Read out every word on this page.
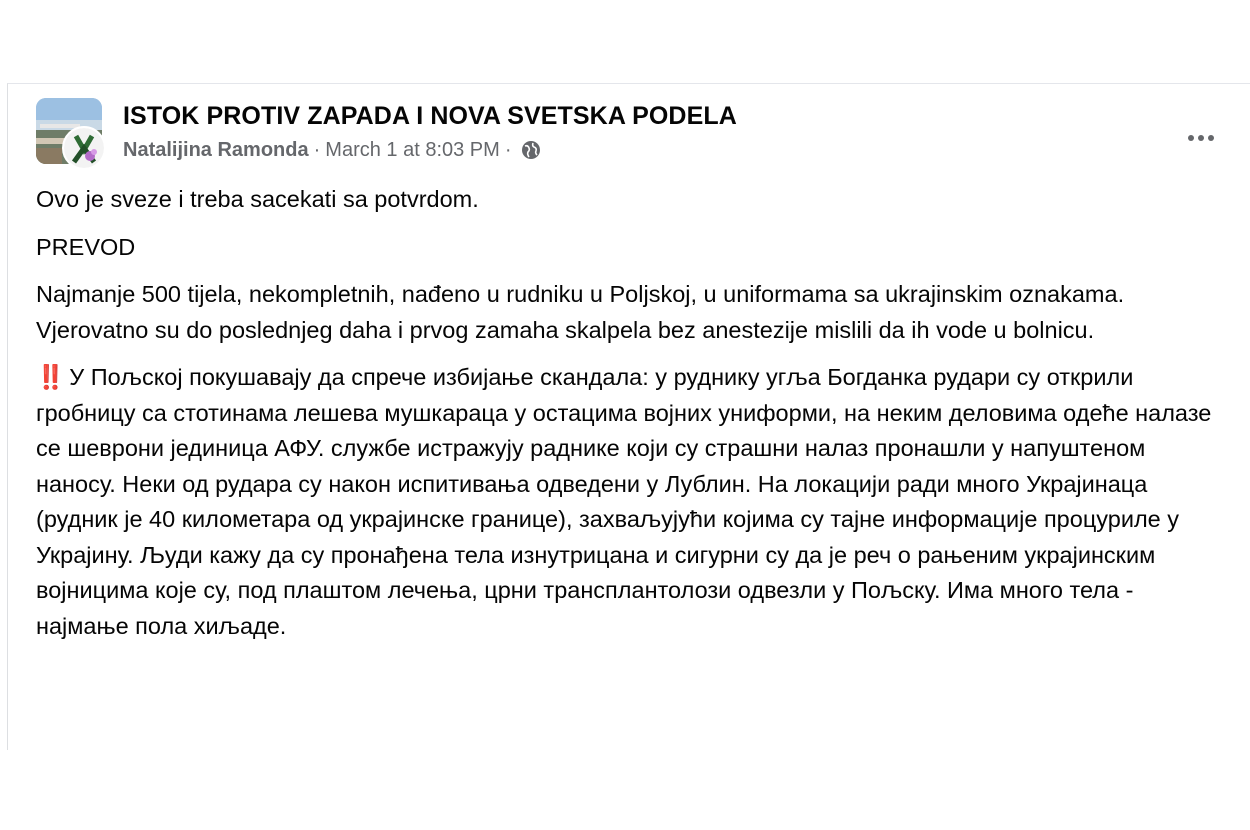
ISTOK PROTIV ZAPADA I NOVA SVETSKA PODELA
Natalijina Ramonda · March 1 at 8:03 PM ·

Ovo je sveze i treba sacekati sa potvrdom.

PREVOD

Najmanje 500 tijela, nekompletnih, nađeno u rudniku u Poljskoj, u uniformama sa ukrajinskim oznakama. Vjerovatno su do poslednjeg daha i prvog zamaha skalpela bez anestezije mislili da ih vode u bolnicu.

‼️ У Пољској покушавају да спрече избијање скандала: у руднику угља Богданка рудари су открили гробницу са стотинама лешева мушкараца у остацима војних униформи, на неким деловима одеће налазе се шеврони јединица АФУ. службе истражују раднике који су страшни налаз пронашли у напуштеном наносу. Неки од рудара су након испитивања одведени у Лублин. На локацији ради много Украјинаца (рудник је 40 километара од украјинске границе), захваљујући којима су тајне информације процуриле у Украјину. Људи кажу да су пронађена тела изнутрицана и сигурни су да је реч о рањеним украјинским војницима које су, под плаштом лечења, црни трансплантолози одвезли у Пољску. Има много тела - најмање пола хиљаде.
